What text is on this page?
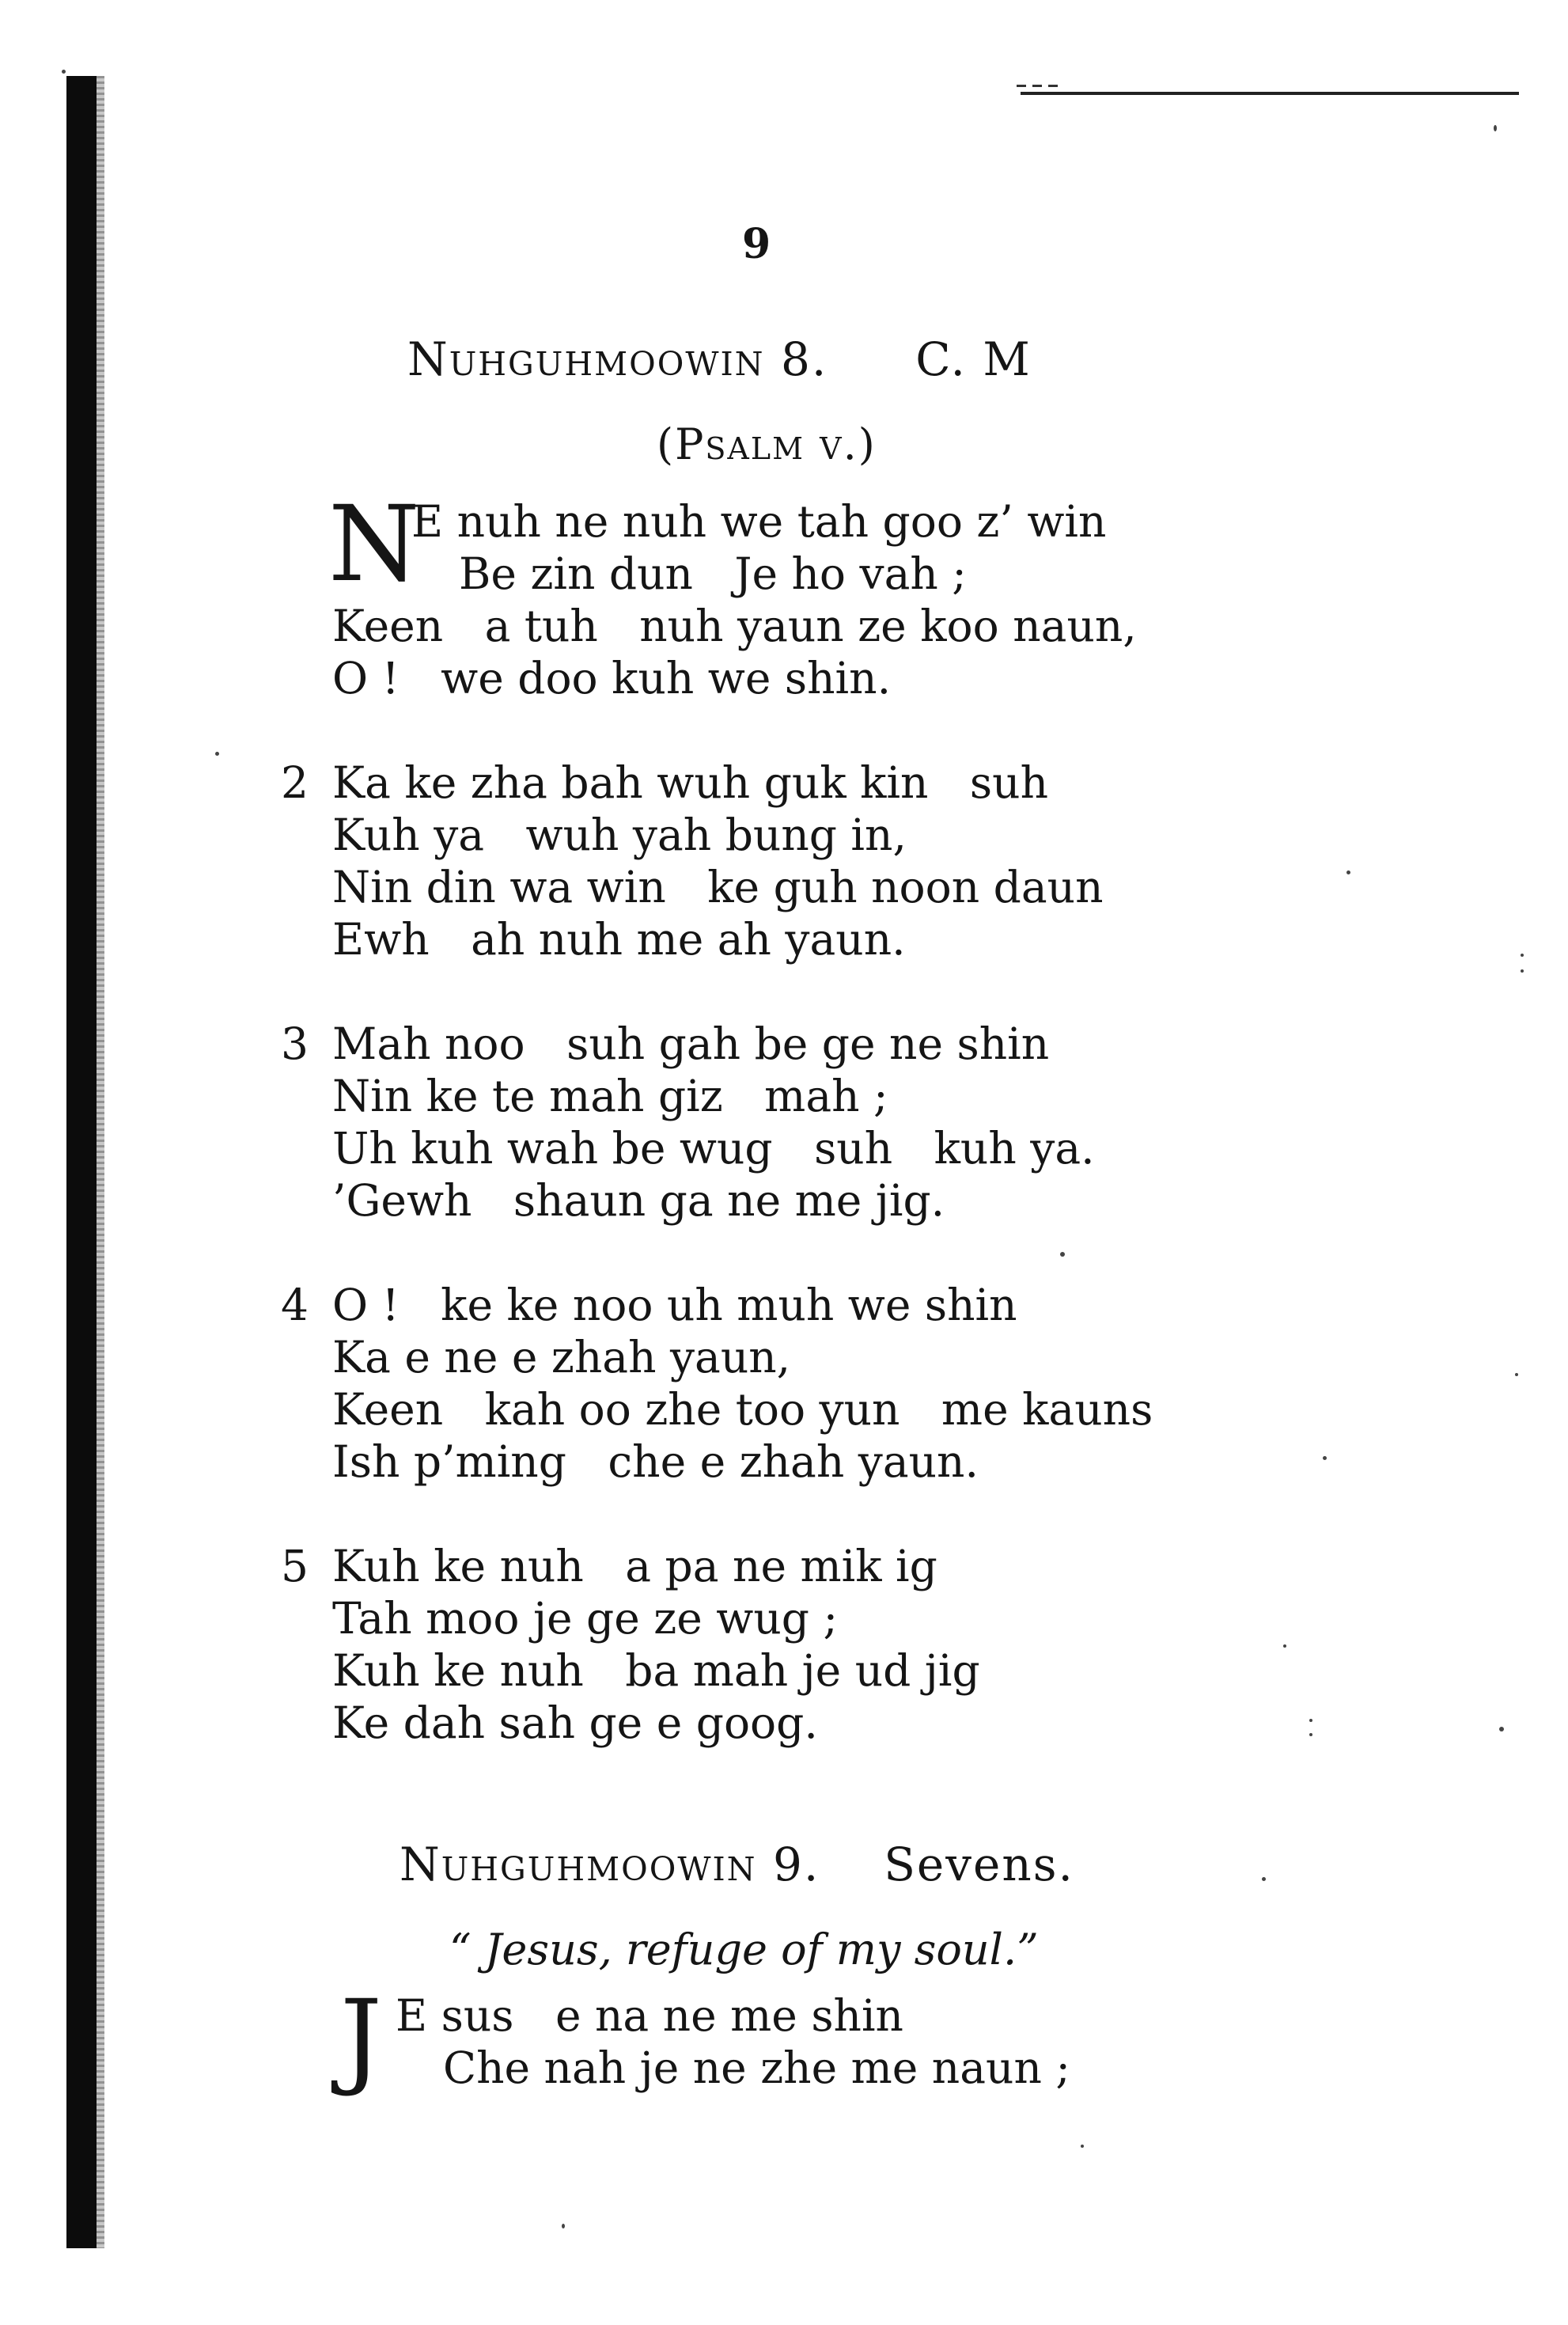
9
Nuhguhmoowin 8. C. M
(Psalm v.)
N
E nuh ne nuh we tah goo z’ win
Be zin dun   Je ho vah ;
Keen   a tuh   nuh yaun ze koo naun,
O !   we doo kuh we shin.
2 Ka ke zha bah wuh guk kin   suh
Kuh ya   wuh yah bung in,
Nin din wa win   ke guh noon daun
Ewh   ah nuh me ah yaun.
3 Mah noo   suh gah be ge ne shin
Nin ke te mah giz   mah ;
Uh kuh wah be wug   suh   kuh ya.
’Gewh   shaun ga ne me jig.
4 O !   ke ke noo uh muh we shin
Ka e ne e zhah yaun,
Keen   kah oo zhe too yun   me kauns
Ish p’ming   che e zhah yaun.
5 Kuh ke nuh   a pa ne mik ig
Tah moo je ge ze wug ;
Kuh ke nuh   ba mah je ud jig
Ke dah sah ge e goog.
Nuhguhmoowin 9. Sevens.
“ Jesus, refuge of my soul.”
J E sus   e na ne me shin
Che nah je ne zhe me naun ;
